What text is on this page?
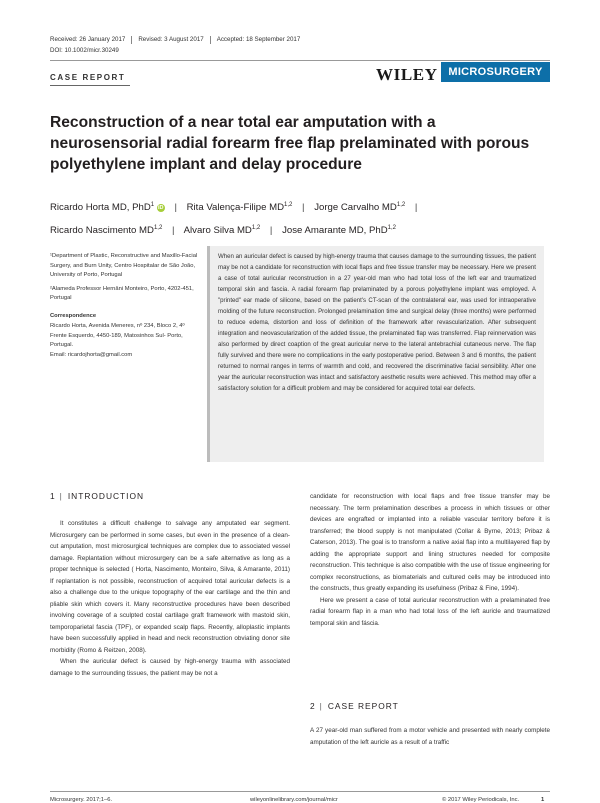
Received: 26 January 2017 Revised: 3 August 2017 Accepted: 18 September 2017
DOI: 10.1002/micr.30249
CASE REPORT	WILEY MICROSURGERY
Reconstruction of a near total ear amputation with a neurosensorial radial forearm free flap prelaminated with porous polyethylene implant and delay procedure
Ricardo Horta MD, PhD$^1$ iD | Rita Valença-Filipe MD$^{1,2}$ | Jorge Carvalho MD$^{1,2}$ |
Ricardo Nascimento MD$^{1,2}$ | Alvaro Silva MD$^{1,2}$ | Jose Amarante MD, PhD$^{1,2}$

¹Department of Plastic, Reconstructive and Maxillo-Facial Surgery, and Burn Unity, Centro Hospitalar de São João, University of Porto, Portugal

²Alameda Professor Hernâni Monteiro, Porto, 4202-451, Portugal

Correspondence

Ricardo Horta, Avenida Meneres, nº 234, Bloco 2, 4º Frente Esquerdo, 4450-189, Matosinhos Sul- Porto, Portugal.

Email: ricardojhorta@gmail.com

When an auricular defect is caused by high-energy trauma that causes damage to the surrounding tissues, the patient may be not a candidate for reconstruction with local flaps and free tissue transfer may be necessary. Here we present a case of total auricular reconstruction in a 27 year-old man who had total loss of the left ear and traumatized temporal skin and fascia. A radial forearm flap prelaminated by a porous polyethylene implant was employed. A "printed" ear made of silicone, based on the patient's CT-scan of the contralateral ear, was used for intraoperative molding of the future reconstruction. Prolonged prelamination time and surgical delay (three months) were performed to reduce edema, distortion and loss of definition of the framework after revascularization. After subsequent integration and neovascularization of the added tissue, the prelaminated flap was transferred. Flap reinnervation was also performed by direct coaption of the great auricular nerve to the lateral antebrachial cutaneous nerve. The flap fully survived and there were no complications in the early postoperative period. Between 3 and 6 months, the patient returned to normal ranges in terms of warmth and cold, and recovered the discriminative facial sensibility. After one year the auricular reconstruction was intact and satisfactory aesthetic results were achieved. This method may offer a satisfactory solution for a difficult problem and may be considered for acquired total ear defects.
1 | INTRODUCTION

It constitutes a difficult challenge to salvage any amputated ear segment. Microsurgery can be performed in some cases, but even in the presence of a clean-cut amputation, most microsurgical techniques are complex due to associated vessel damage. Replantation without microsurgery can be a safe alternative as long as a proper technique is selected ( Horta, Nascimento, Monteiro, Silva, & Amarante, 2011) If replantation is not possible, reconstruction of acquired total auricular defects is a also a challenge due to the unique topography of the ear cartilage and the thin and pliable skin which covers it. Many reconstructive procedures have been described involving coverage of a sculpted costal cartilage graft framework with mastoid skin, temporoparietal fascia (TPF), or expanded scalp flaps. Recently, alloplastic implants have been successfully applied in head and neck reconstruction obviating donor site morbidity (Romo & Reitzen, 2008).

When the auricular defect is caused by high-energy trauma with associated damage to the surrounding tissues, the patient may be not a

candidate for reconstruction with local flaps and free tissue transfer may be necessary. The term prelamination describes a process in which tissues or other devices are engrafted or implanted into a reliable vascular territory before it is transferred; the blood supply is not manipulated (Collar & Byrne, 2013; Pribaz & Caterson, 2013). The goal is to transform a native axial flap into a multilayered flap by adding the appropriate support and lining structures needed for composite reconstruction. This technique is also compatible with the use of tissue engineering for complex reconstructions, as biomaterials and cultured cells may be introduced into the constructs, thus greatly expanding its usefulness (Pribaz & Fine, 1994).

Here we present a case of total auricular reconstruction with a prelaminated free radial forearm flap in a man who had total loss of the left auricle and traumatized temporal skin and fáscia.

2 | CASE REPORT

A 27 year-old man suffered from a motor vehicle and presented with nearly complete amputation of the left auricle as a result of a traffic

Microsurgery. 2017;1–6.	wileyonlinelibrary.com/journal/micr	© 2017 Wiley Periodicals, Inc.	1
